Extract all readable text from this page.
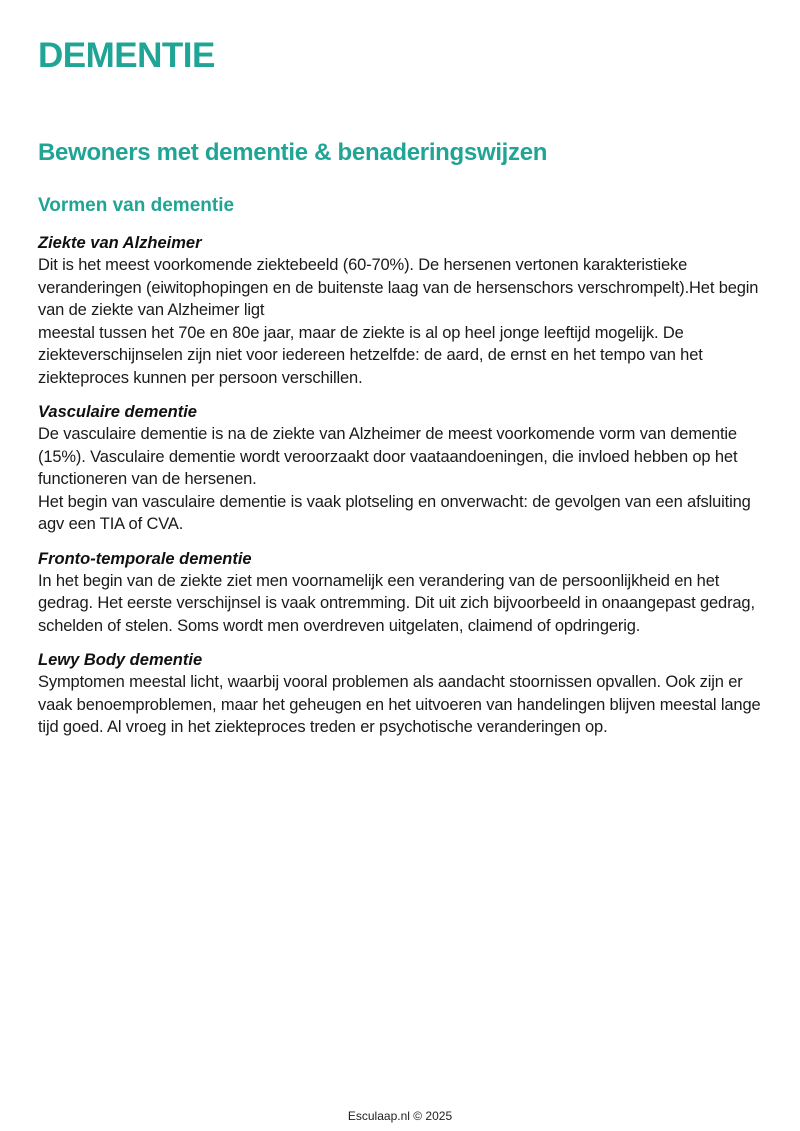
DEMENTIE
Bewoners met dementie & benaderingswijzen
Vormen van dementie

Ziekte van Alzheimer

Dit is het meest voorkomende ziektebeeld (60-70%). De hersenen vertonen karakteristieke veranderingen (eiwitophopingen en de buitenste laag van de hersenschors verschrompelt).Het begin van de ziekte van Alzheimer ligt

meestal tussen het 70e en 80e jaar, maar de ziekte is al op heel jonge leeftijd mogelijk. De ziekteverschijnselen zijn niet voor iedereen hetzelfde: de aard, de ernst en het tempo van het ziekteproces kunnen per persoon verschillen.

Vasculaire dementie

De vasculaire dementie is na de ziekte van Alzheimer de meest voorkomende vorm van dementie (15%). Vasculaire dementie wordt veroorzaakt door vaataandoeningen, die invloed hebben op het functioneren van de hersenen.

Het begin van vasculaire dementie is vaak plotseling en onverwacht: de gevolgen van een afsluiting agv een TIA of CVA.

Fronto-temporale dementie

In het begin van de ziekte ziet men voornamelijk een verandering van de persoonlijkheid en het gedrag. Het eerste verschijnsel is vaak ontremming. Dit uit zich bijvoorbeeld in onaangepast gedrag, schelden of stelen. Soms wordt men overdreven uitgelaten, claimend of opdringerig.

Lewy Body dementie

Symptomen meestal licht, waarbij vooral problemen als aandacht stoornissen opvallen. Ook zijn er vaak benoemproblemen, maar het geheugen en het uitvoeren van handelingen blijven meestal lange tijd goed. Al vroeg in het ziekteproces treden er psychotische veranderingen op.

Esculaap.nl © 2025
